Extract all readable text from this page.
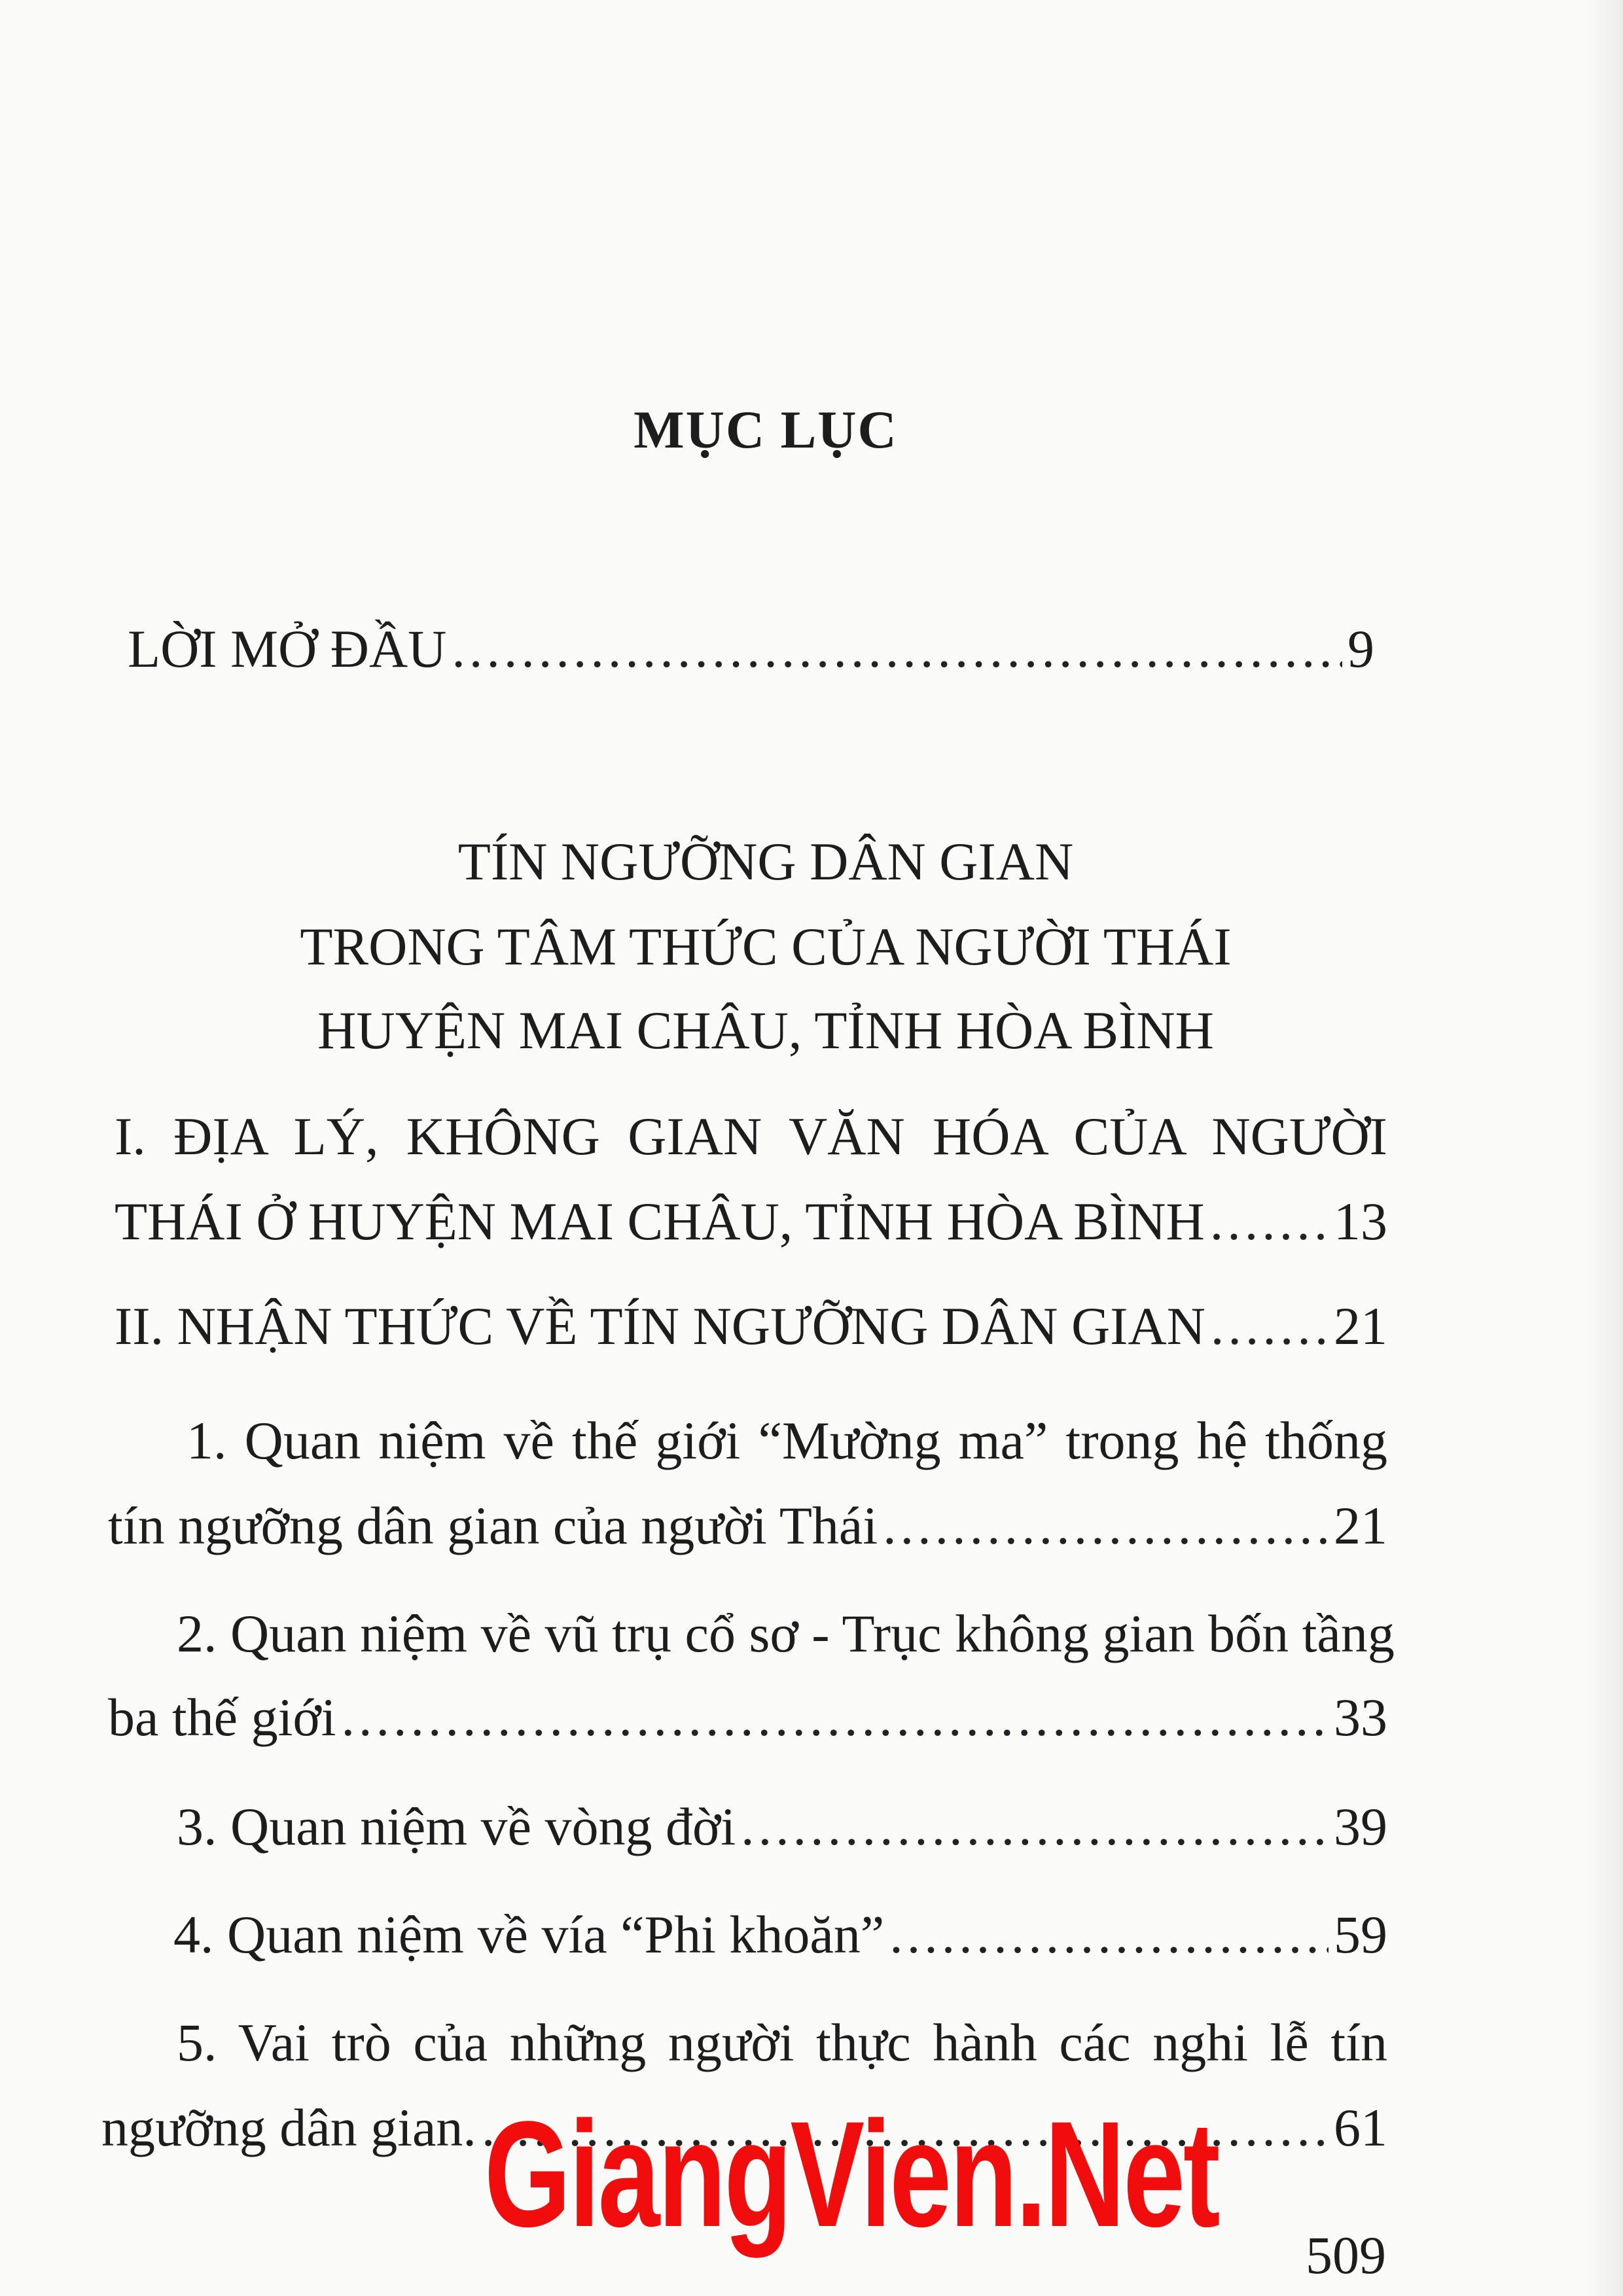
MỤC LỤC
LỜI MỞ ĐẦU .....	9
TÍN NGƯỠNG DÂN GIAN
TRONG TÂM THỨC CỦA NGƯỜI THÁI
HUYỆN MAI CHÂU, TỈNH HÒA BÌNH
I. ĐỊA LÝ, KHÔNG GIAN VĂN HÓA CỦA NGƯỜI
THÁI Ở HUYỆN MAI CHÂU, TỈNH HÒA BÌNH ..... 13
II. NHẬN THỨC VỀ TÍN NGƯỠNG DÂN GIAN ..... 21
1. Quan niệm về thế giới “Mường ma” trong hệ thống
tín ngưỡng dân gian của người Thái .....	21
2. Quan niệm về vũ trụ cổ sơ - Trục không gian bốn tầng
ba thế giới .....	33
3. Quan niệm về vòng đời .....	39
4. Quan niệm về vía “Phi khoăn” .....	59
5. Vai trò của những người thực hành các nghi lễ tín
ngưỡng dân gian. .....	61
GiangVien.Net 509
